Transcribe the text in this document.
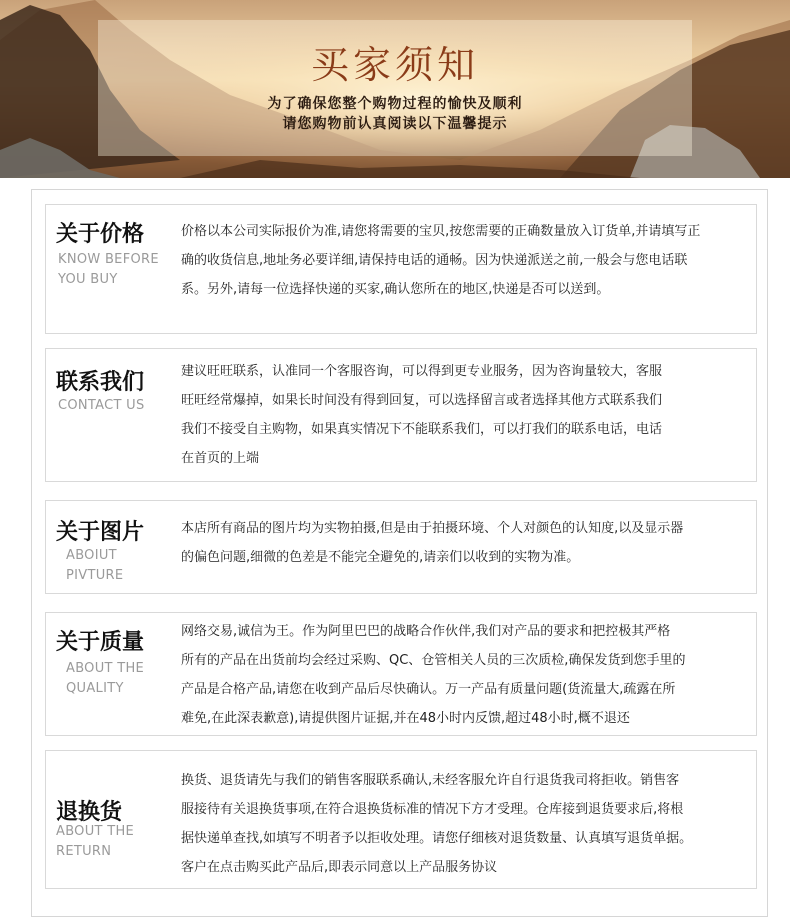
买家须知
为了确保您整个购物过程的愉快及顺利
请您购物前认真阅读以下温馨提示
关于价格
KNOW BEFORE
YOU BUY
价格以本公司实际报价为准,请您将需要的宝贝,按您需要的正确数量放入订货单,并请填写正
确的收货信息,地址务必要详细,请保持电话的通畅。因为快递派送之前,一般会与您电话联
系。另外,请每一位选择快递的买家,确认您所在的地区,快递是否可以送到。
联系我们
CONTACT US
建议旺旺联系，认准同一个客服咨询，可以得到更专业服务，因为咨询量较大，客服
旺旺经常爆掉，如果长时间没有得到回复，可以选择留言或者选择其他方式联系我们
我们不接受自主购物，如果真实情况下不能联系我们，可以打我们的联系电话，电话
在首页的上端
关于图片
ABOIUT
PIVTURE
本店所有商品的图片均为实物拍摄,但是由于拍摄环境、个人对颜色的认知度,以及显示器
的偏色问题,细微的色差是不能完全避免的,请亲们以收到的实物为准。
关于质量
ABOUT THE
QUALITY
网络交易,诚信为王。作为阿里巴巴的战略合作伙伴,我们对产品的要求和把控极其严格
所有的产品在出货前均会经过采购、QC、仓管相关人员的三次质检,确保发货到您手里的
产品是合格产品,请您在收到产品后尽快确认。万一产品有质量问题(货流量大,疏露在所
难免,在此深表歉意),请提供图片证据,并在48小时内反馈,超过48小时,概不退还
退换货
ABOUT THE
RETURN
换货、退货请先与我们的销售客服联系确认,未经客服允许自行退货我司将拒收。销售客
服接待有关退换货事项,在符合退换货标准的情况下方才受理。仓库接到退货要求后,将根
据快递单查找,如填写不明者予以拒收处理。请您仔细核对退货数量、认真填写退货单据。
客户在点击购买此产品后,即表示同意以上产品服务协议
